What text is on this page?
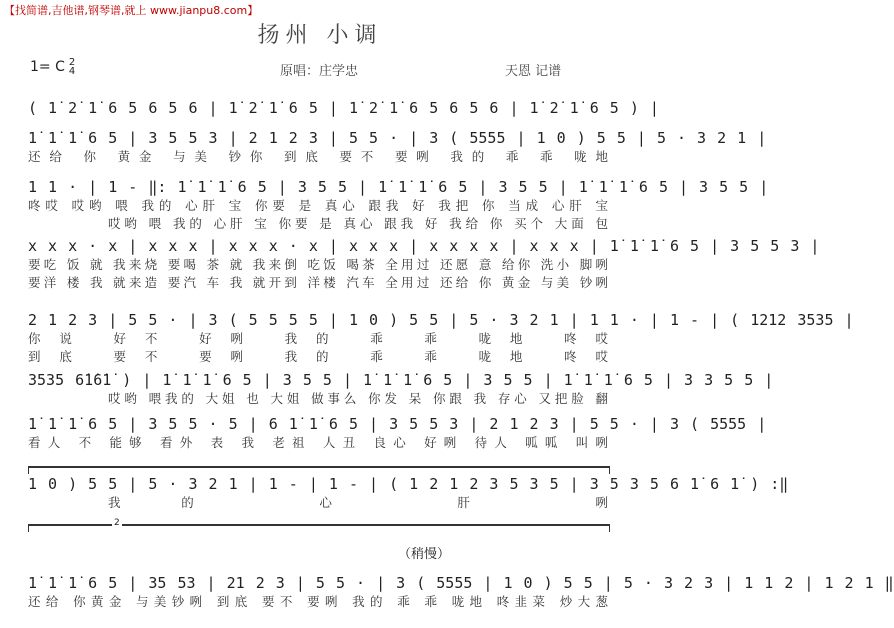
【找简谱,吉他谱,钢琴谱,就上 www.jianpu8.com】
扬州 小调
1= C 2
4	原唱：庄学忠	天恩 记谱
( 1̇ 2̇ 1̇ 6 5 6 5 6 | 1̇ 2̇ 1̇ 6 5 | 1̇ 2̇ 1̇ 6 5 6 5 6 | 1̇ 2̇ 1̇ 6 5 ) |
1̇ 1̇ 1̇ 6 5 | 3 5 5 3 | 2 1 2 3 | 5 5 · | 3 ( 5555 | 1 0 ) 5 5 | 5 · 3 2 1 |
还给 你 黄金 与美 钞你 到底 要不 要咧 我的 乖 乖 咙地
1 1 · | 1 - ‖: 1̇ 1̇ 1̇ 6 5 | 3 5 5 | 1̇ 1̇ 1̇ 6 5 | 3 5 5 | 1̇ 1̇ 1̇ 6 5 | 3 5 5 |
咚哎 哎哟 喂 我的 心肝 宝 你要 是 真心 跟我 好 我把 你 当成 心肝 宝
哎哟 喂 我的 心肝 宝 你要 是 真心 跟我 好 我给 你 买个 大面 包
x x x · x | x x x | x x x · x | x x x | x x x x | x x x | 1̇ 1̇ 1̇ 6 5 | 3 5 5 3 |
要吃 饭 就 我来烧 要喝 茶 就 我来倒 吃饭 喝茶 全用过 还愿 意 给你 洗小 脚咧
要洋 楼 我 就来造 要汽 车 我 就开到 洋楼 汽车 全用过 还给 你 黄金 与美 钞咧
2 1 2 3 | 5 5 · | 3 ( 5 5 5 5 | 1 0 ) 5 5 | 5 · 3 2 1 | 1 1 · | 1 - | ( 1212 3535 |
你说 好不 好咧 我的 乖 乖 咙地 咚哎
到底 要不 要咧 我的 乖 乖 咙地 咚哎
3535 6̇1̇6̇1̇ ) | 1̇ 1̇ 1̇ 6 5 | 3 5 5 | 1̇ 1̇ 1̇ 6 5 | 3 5 5 | 1̇ 1̇ 1̇ 6 5 | 3 3 5 5 |
哎哟 喂我的 大姐 也 大姐 做事么 你发 呆 你跟 我 存心 又把脸 翻
1̇ 1̇ 1̇ 6 5 | 3 5 5 · 5 | 6 1̇ 1̇ 6 5 | 3 5 5 3 | 2 1 2 3 | 5 5 · | 3 ( 5555 |
看人 不 能够 看外 表 我 老祖 人丑 良心 好咧 待人 呱呱 叫咧
1 0 ) 5 5 | 5 · 3 2 1 | 1 - | 1 - | ( 1 2 1 2 3 5 3 5 | 3 5 3 5 6 1̇ 6 1̇ ) :‖
我的 心 肝 咧
2
（稍慢）
1̇ 1̇ 1̇ 6 5 | 35 53 | 21 2 3 | 5 5 · | 3 ( 5555 | 1 0 ) 5 5 | 5 · 3 2 3 | 1 1 2 | 1 2 1 ‖
还给 你黄金 与美钞咧 到底 要不 要咧 我的 乖 乖 咙地 咚韭菜 炒大葱
